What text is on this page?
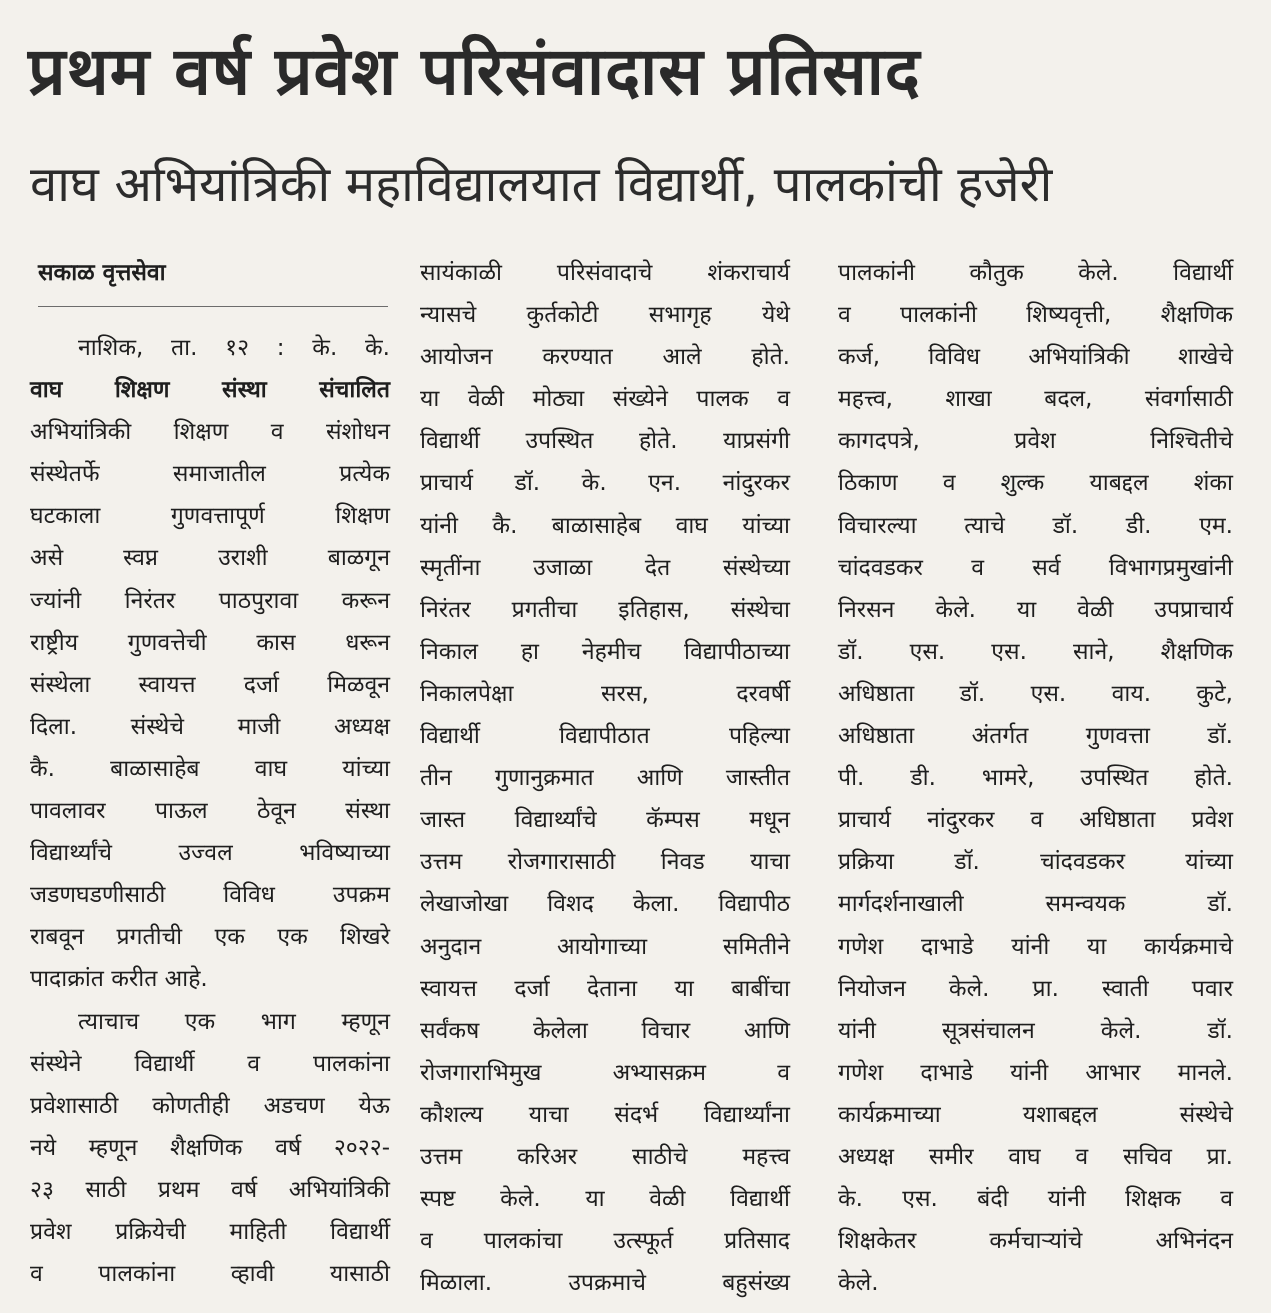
प्रथम वर्ष प्रवेश परिसंवादास प्रतिसाद
वाघ अभियांत्रिकी महाविद्यालयात विद्यार्थी, पालकांची हजेरी
सकाळ वृत्तसेवा
नाशिक, ता. १२ : के. के.
वाघ शिक्षण संस्था संचालित
अभियांत्रिकी शिक्षण व संशोधन
संस्थेतर्फे समाजातील प्रत्येक
घटकाला गुणवत्तापूर्ण शिक्षण
असे स्वप्न उराशी बाळगून
ज्यांनी निरंतर पाठपुरावा करून
राष्ट्रीय गुणवत्तेची कास धरून
संस्थेला स्वायत्त दर्जा मिळवून
दिला. संस्थेचे माजी अध्यक्ष
कै. बाळासाहेब वाघ यांच्या
पावलावर पाऊल ठेवून संस्था
विद्यार्थ्यांचे उज्वल भविष्याच्या
जडणघडणीसाठी विविध उपक्रम
राबवून प्रगतीची एक एक शिखरे
पादाक्रांत करीत आहे.
त्याचाच एक भाग म्हणून
संस्थेने विद्यार्थी व पालकांना
प्रवेशासाठी कोणतीही अडचण येऊ
नये म्हणून शैक्षणिक वर्ष २०२२-
२३ साठी प्रथम वर्ष अभियांत्रिकी
प्रवेश प्रक्रियेची माहिती विद्यार्थी
व पालकांना व्हावी यासाठी
सायंकाळी परिसंवादाचे शंकराचार्य
न्यासचे कुर्तकोटी सभागृह येथे
आयोजन करण्यात आले होते.
या वेळी मोठ्या संख्येने पालक व
विद्यार्थी उपस्थित होते. याप्रसंगी
प्राचार्य डॉ. के. एन. नांदुरकर
यांनी कै. बाळासाहेब वाघ यांच्या
स्मृतींना उजाळा देत संस्थेच्या
निरंतर प्रगतीचा इतिहास, संस्थेचा
निकाल हा नेहमीच विद्यापीठाच्या
निकालपेक्षा सरस, दरवर्षी
विद्यार्थी विद्यापीठात पहिल्या
तीन गुणानुक्रमात आणि जास्तीत
जास्त विद्यार्थ्यांचे कॅम्पस मधून
उत्तम रोजगारासाठी निवड याचा
लेखाजोखा विशद केला. विद्यापीठ
अनुदान आयोगाच्या समितीने
स्वायत्त दर्जा देताना या बाबींचा
सर्वंकष केलेला विचार आणि
रोजगाराभिमुख अभ्यासक्रम व
कौशल्य याचा संदर्भ विद्यार्थ्यांना
उत्तम करिअर साठीचे महत्त्व
स्पष्ट केले. या वेळी विद्यार्थी
व पालकांचा उत्स्फूर्त प्रतिसाद
मिळाला. उपक्रमाचे बहुसंख्य
पालकांनी कौतुक केले. विद्यार्थी
व पालकांनी शिष्यवृत्ती, शैक्षणिक
कर्ज, विविध अभियांत्रिकी शाखेचे
महत्त्व, शाखा बदल, संवर्गासाठी
कागदपत्रे, प्रवेश निश्चितीचे
ठिकाण व शुल्क याबद्दल शंका
विचारल्या त्याचे डॉ. डी. एम.
चांदवडकर व सर्व विभागप्रमुखांनी
निरसन केले. या वेळी उपप्राचार्य
डॉ. एस. एस. साने, शैक्षणिक
अधिष्ठाता डॉ. एस. वाय. कुटे,
अधिष्ठाता अंतर्गत गुणवत्ता डॉ.
पी. डी. भामरे, उपस्थित होते.
प्राचार्य नांदुरकर व अधिष्ठाता प्रवेश
प्रक्रिया डॉ. चांदवडकर यांच्या
मार्गदर्शनाखाली समन्वयक डॉ.
गणेश दाभाडे यांनी या कार्यक्रमाचे
नियोजन केले. प्रा. स्वाती पवार
यांनी सूत्रसंचालन केले. डॉ.
गणेश दाभाडे यांनी आभार मानले.
कार्यक्रमाच्या यशाबद्दल संस्थेचे
अध्यक्ष समीर वाघ व सचिव प्रा.
के. एस. बंदी यांनी शिक्षक व
शिक्षकेतर कर्मचाऱ्यांचे अभिनंदन
केले.
